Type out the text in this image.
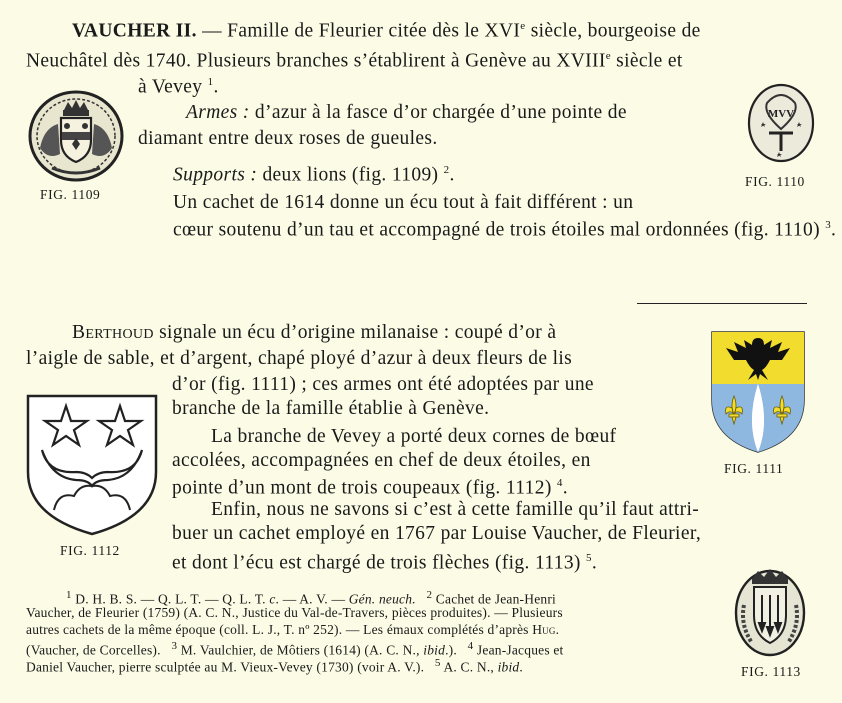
VAUCHER II. — Famille de Fleurier citée dès le XVIe siècle, bourgeoise de
Neuchâtel dès 1740. Plusieurs branches s’établirent à Genève au XVIIIe siècle et
à Vevey $^1$.
Armes : d’azur à la fasce d’or chargée d’une pointe de
diamant entre deux roses de gueules.
Supports : deux lions (fig. 1109) $^2$.
Un cachet de 1614 donne un écu tout à fait différent : un
cœur soutenu d’un tau et accompagné de trois étoiles mal ordonnées (fig. 1110) $^3$.
FIG. 1109
MVV
FIG. 1110
Berthoud signale un écu d’origine milanaise : coupé d’or à
l’aigle de sable, et d’argent, chapé ployé d’azur à deux fleurs de lis
d’or (fig. 1111) ; ces armes ont été adoptées par une
branche de la famille établie à Genève.
La branche de Vevey a porté deux cornes de bœuf
accolées, accompagnées en chef de deux étoiles, en
pointe d’un mont de trois coupeaux (fig. 1112) $^4$.
Enfin, nous ne savons si c’est à cette famille qu’il faut attri-
buer un cachet employé en 1767 par Louise Vaucher, de Fleurier,
et dont l’écu est chargé de trois flèches (fig. 1113) $^5$.
FIG. 1112
FIG. 1111
$^1$ D. H. B. S. — Q. L. T. — Q. L. T. c. — A. V. — Gén. neuch. $^2$ Cachet de Jean-Henri
Vaucher, de Fleurier (1759) (A. C. N., Justice du Val-de-Travers, pièces produites). — Plusieurs
autres cachets de la même époque (coll. L. J., T. nº 252). — Les émaux complétés d’après Hug.
(Vaucher, de Corcelles).   $^3$ M. Vaulchier, de Môtiers (1614) (A. C. N., ibid.).   $^4$ Jean-Jacques et
Daniel Vaucher, pierre sculptée au M. Vieux-Vevey (1730) (voir A. V.).   $^5$ A. C. N., ibid.	FIG. 1113
